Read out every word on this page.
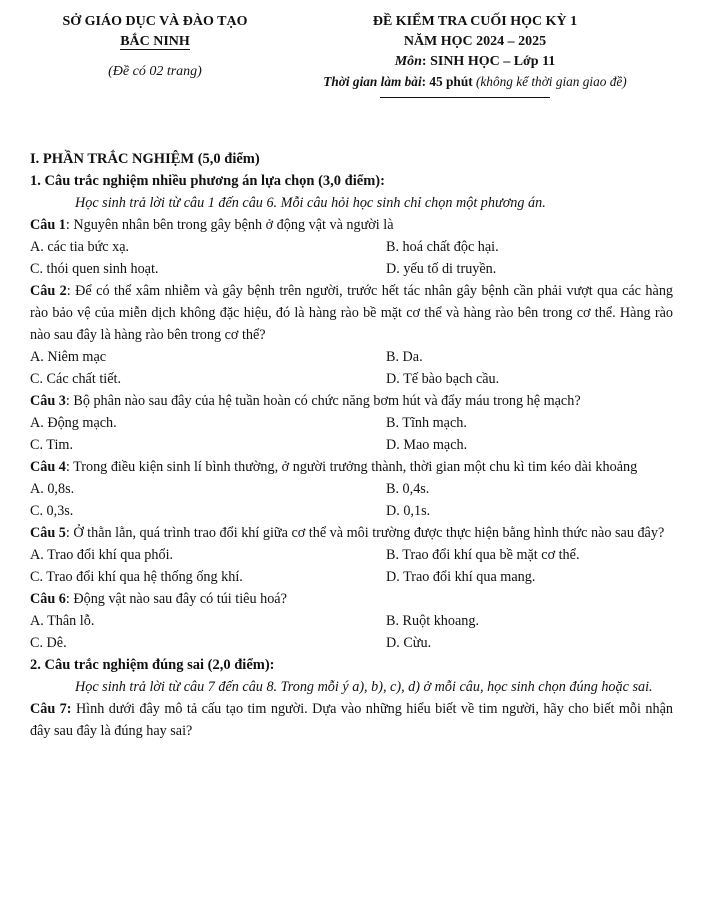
SỞ GIÁO DỤC VÀ ĐÀO TẠO
BẮC NINH
(Đề có 02 trang)
ĐỀ KIỂM TRA CUỐI HỌC KỲ 1
NĂM HỌC 2024 – 2025
Môn: SINH HỌC – Lớp 11
Thời gian làm bài: 45 phút (không kể thời gian giao đề)
I. PHẦN TRẮC NGHIỆM (5,0 điểm)
1. Câu trắc nghiệm nhiều phương án lựa chọn (3,0 điểm):
Học sinh trả lời từ câu 1 đến câu 6. Mỗi câu hỏi học sinh chỉ chọn một phương án.
Câu 1: Nguyên nhân bên trong gây bệnh ở động vật và người là
A. các tia bức xạ.	B. hoá chất độc hại.
C. thói quen sinh hoạt.	D. yếu tố di truyền.
Câu 2: Để có thể xâm nhiễm và gây bệnh trên người, trước hết tác nhân gây bệnh cần phải vượt qua các hàng rào bảo vệ của miễn dịch không đặc hiệu, đó là hàng rào bề mặt cơ thể và hàng rào bên trong cơ thể. Hàng rào nào sau đây là hàng rào bên trong cơ thể?
A. Niêm mạc	B. Da.
C. Các chất tiết.	D. Tế bào bạch cầu.
Câu 3: Bộ phân nào sau đây của hệ tuần hoàn có chức năng bơm hút và đẩy máu trong hệ mạch?
A. Động mạch.	B. Tĩnh mạch.
C. Tim.	D. Mao mạch.
Câu 4: Trong điều kiện sinh lí bình thường, ở người trưởng thành, thời gian một chu kì tim kéo dài khoảng
A. 0,8s.	B. 0,4s.
C. 0,3s.	D. 0,1s.
Câu 5: Ở thằn lằn, quá trình trao đổi khí giữa cơ thể và môi trường được thực hiện bằng hình thức nào sau đây?
A. Trao đổi khí qua phổi.	B. Trao đổi khí qua bề mặt cơ thể.
C. Trao đổi khí qua hệ thống ống khí.	D. Trao đổi khí qua mang.
Câu 6: Động vật nào sau đây có túi tiêu hoá?
A. Thân lỗ.	B. Ruột khoang.
C. Dê.	D. Cừu.
2. Câu trắc nghiệm đúng sai (2,0 điểm):
Học sinh trả lời từ câu 7 đến câu 8. Trong mỗi ý a), b), c), d) ở mỗi câu, học sinh chọn đúng hoặc sai.
Câu 7: Hình dưới đây mô tả cấu tạo tim người. Dựa vào những hiểu biết về tim người, hãy cho biết mỗi nhận đây sau đây là đúng hay sai?
